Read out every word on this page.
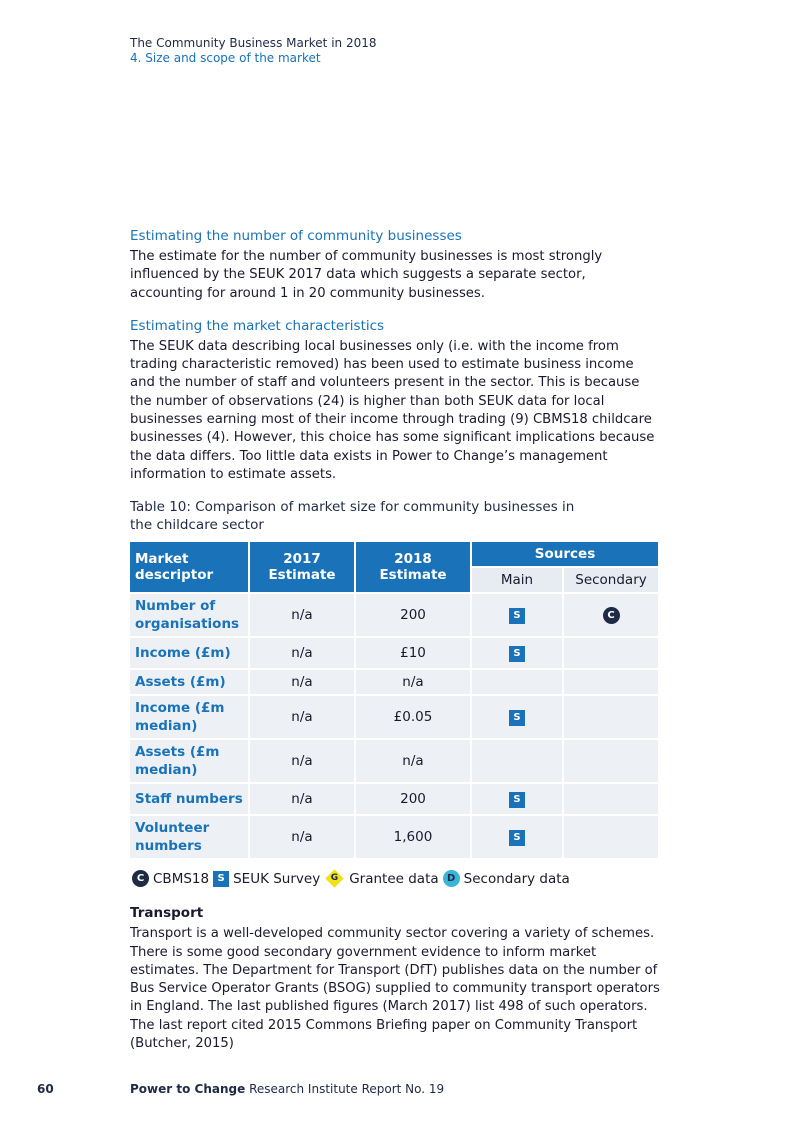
The Community Business Market in 2018
4. Size and scope of the market
Estimating the number of community businesses

The estimate for the number of community businesses is most strongly influenced by the SEUK 2017 data which suggests a separate sector, accounting for around 1 in 20 community businesses.

Estimating the market characteristics

The SEUK data describing local businesses only (i.e. with the income from trading characteristic removed) has been used to estimate business income and the number of staff and volunteers present in the sector. This is because the number of observations (24) is higher than both SEUK data for local businesses earning most of their income through trading (9) CBMS18 childcare businesses (4). However, this choice has some significant implications because the data differs. Too little data exists in Power to Change’s management information to estimate assets.

Table 10: Comparison of market size for community businesses in the childcare sector
Market descriptor	2017 Estimate	2018 Estimate	Sources	
			Main	Secondary
Number of organisations	n/a	200	S	C
Income (£m)	n/a	£10	S	
Assets (£m)	n/a	n/a		
Income (£m median)	n/a	£0.05	S	
Assets (£m median)	n/a	n/a		
Staff numbers	n/a	200	S	
Volunteer numbers	n/a	1,600	S	
C CBMS18 S SEUK Survey	G Grantee data D Secondary data
Transport

Transport is a well-developed community sector covering a variety of schemes. There is some good secondary government evidence to inform market estimates. The Department for Transport (DfT) publishes data on the number of Bus Service Operator Grants (BSOG) supplied to community transport operators in England. The last published figures (March 2017) list 498 of such operators. The last report cited 2015 Commons Briefing paper on Community Transport (Butcher, 2015)

60	Power to Change Research Institute Report No. 19
